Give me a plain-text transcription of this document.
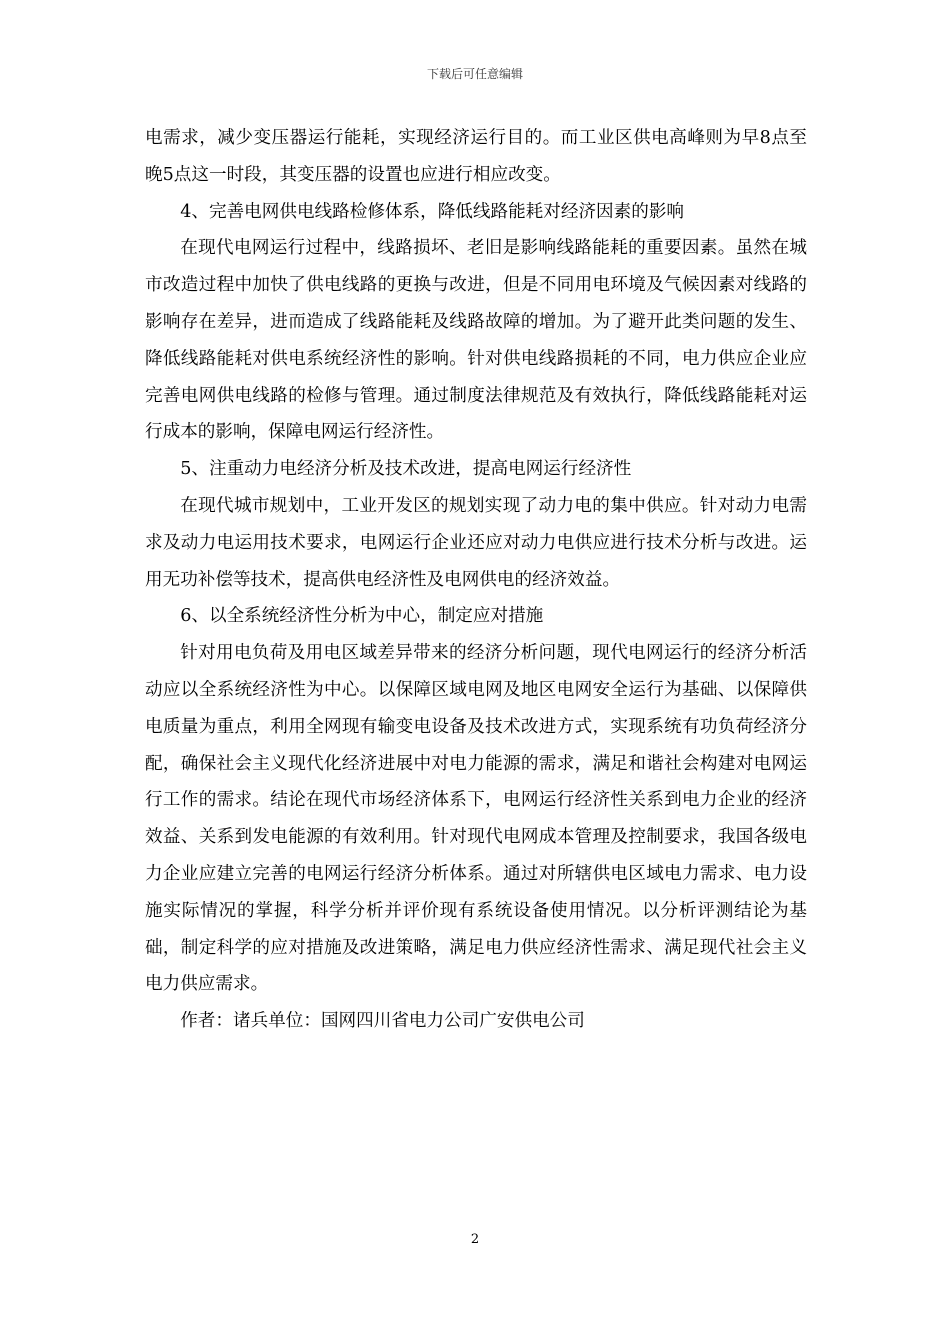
下载后可任意编辑

电需求，减少变压器运行能耗，实现经济运行目的。而工业区供电高峰则为早8点至晚5点这一时段，其变压器的设置也应进行相应改变。

4、完善电网供电线路检修体系，降低线路能耗对经济因素的影响

在现代电网运行过程中，线路损坏、老旧是影响线路能耗的重要因素。虽然在城市改造过程中加快了供电线路的更换与改进，但是不同用电环境及气候因素对线路的影响存在差异，进而造成了线路能耗及线路故障的增加。为了避开此类问题的发生、降低线路能耗对供电系统经济性的影响。针对供电线路损耗的不同，电力供应企业应完善电网供电线路的检修与管理。通过制度法律规范及有效执行，降低线路能耗对运行成本的影响，保障电网运行经济性。

5、注重动力电经济分析及技术改进，提高电网运行经济性

在现代城市规划中，工业开发区的规划实现了动力电的集中供应。针对动力电需求及动力电运用技术要求，电网运行企业还应对动力电供应进行技术分析与改进。运用无功补偿等技术，提高供电经济性及电网供电的经济效益。

6、以全系统经济性分析为中心，制定应对措施

针对用电负荷及用电区域差异带来的经济分析问题，现代电网运行的经济分析活动应以全系统经济性为中心。以保障区域电网及地区电网安全运行为基础、以保障供电质量为重点，利用全网现有输变电设备及技术改进方式，实现系统有功负荷经济分配，确保社会主义现代化经济进展中对电力能源的需求，满足和谐社会构建对电网运行工作的需求。结论在现代市场经济体系下，电网运行经济性关系到电力企业的经济效益、关系到发电能源的有效利用。针对现代电网成本管理及控制要求，我国各级电力企业应建立完善的电网运行经济分析体系。通过对所辖供电区域电力需求、电力设施实际情况的掌握，科学分析并评价现有系统设备使用情况。以分析评测结论为基础，制定科学的应对措施及改进策略，满足电力供应经济性需求、满足现代社会主义电力供应需求。

作者：诸兵单位：国网四川省电力公司广安供电公司

2
